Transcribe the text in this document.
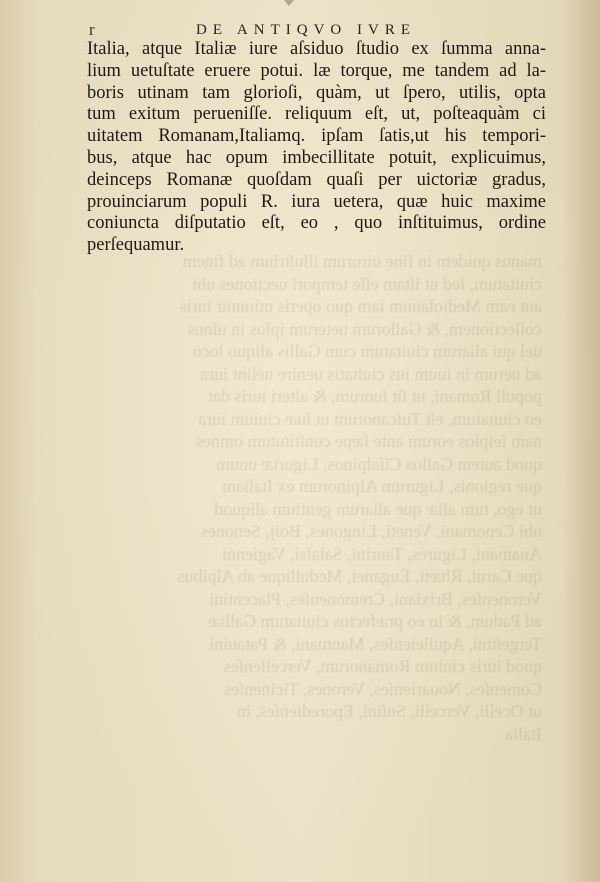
manus quidem in fine uirorum illuſtrium ad finem
ciuitatum, ſed ut iſtam eſſe tempori uectiones ubi
aut eam Mediolanum iam quo operis utiuntur iuris
collectionem, & Gallorum ueterum ipſos in uinus
uel qui aliarum ciuitatum cum Gallis aliquo loco
ad uerum in ſuum ius ciuitatis uenire uelint iura
populi Romani, ut ſit ſuorum, & alteri iuris dat
eo ciuitatum, eſt Tuſcanorum ut ſuæ ciuium iura
nam ſeipſos eorum ante ſæpe conſtitutum omnes
quod autem Gallos Ciſalpinos, Liguriæ unum
que regionis, Ligurum Alpinorum ex Italiam
ut ego, tum aliæ que aliarum gentium aliquod
ubi Cenomani, Veneti, Lingones, Boij, Senones
Anamani, Ligures, Taurini, Salaſsi, Vagienni
que Carni, Rhæti, Euganei, Medullique ab Alpibus
Veronenſes, Brixiani, Cremonenſes, Placentini
ad Padum, & in eo præfectos ciuitatum Galliæ
Tergeſtini, Aquileienſes, Mantuani, & Patauini
quod iuris ciuium Romanorum, Vercellenſes
Comenſes, Nouarienſes, Verones, Ticinenſes
ut Ocelli, Vercelli, Suſini, Eporedienſes, in
Italia
r	DE ANTIQVO IVRE
Italia, atque Italiæ iure aſsiduo ſtudio ex ſumma anna-
lium uetuſtate eruere potui. læ torque, me tandem ad la-
boris utinam tam glorioſi, quàm, ut ſpero, utilis, opta
tum exitum perueniſſe. reliquum eſt, ut, poſteaquàm ci
uitatem Romanam,Italiamq. ipſam ſatis,ut his tempori-
bus, atque hac opum imbecillitate potuit, explicuimus,
deinceps Romanæ quoſdam quaſi per uictoriæ gradus,
prouinciarum populi R. iura uetera, quæ huic maxime
coniuncta diſputatio eſt, eo , quo inſtituimus, ordine
perſequamur.
